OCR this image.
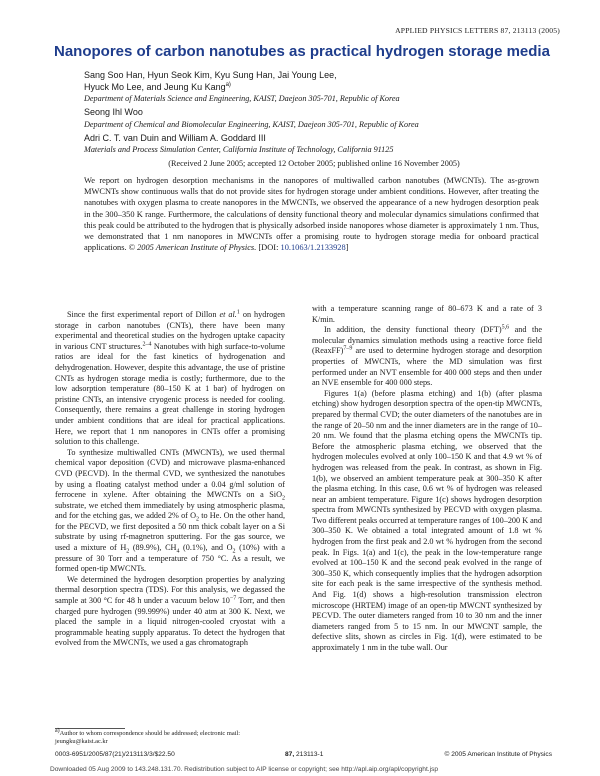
APPLIED PHYSICS LETTERS 87, 213113 (2005)
Nanopores of carbon nanotubes as practical hydrogen storage media

Sang Soo Han, Hyun Seok Kim, Kyu Sung Han, Jai Young Lee,

Hyuck Mo Lee, and Jeung Ku Kang$^{a)}$

Department of Materials Science and Engineering, KAIST, Daejeon 305-701, Republic of Korea

Seong Ihl Woo

Department of Chemical and Biomolecular Engineering, KAIST, Daejeon 305-701, Republic of Korea

Adri C. T. van Duin and William A. Goddard III

Materials and Process Simulation Center, California Institute of Technology, California 91125

(Received 2 June 2005; accepted 12 October 2005; published online 16 November 2005)

We report on hydrogen desorption mechanisms in the nanopores of multiwalled carbon nanotubes (MWCNTs). The as-grown MWCNTs show continuous walls that do not provide sites for hydrogen storage under ambient conditions. However, after treating the nanotubes with oxygen plasma to create nanopores in the MWCNTs, we observed the appearance of a new hydrogen desorption peak in the 300–350 K range. Furthermore, the calculations of density functional theory and molecular dynamics simulations confirmed that this peak could be attributed to the hydrogen that is physically adsorbed inside nanopores whose diameter is approximately 1 nm. Thus, we demonstrated that 1 nm nanopores in MWCNTs offer a promising route to hydrogen storage media for onboard practical applications. © 2005 American Institute of Physics. [DOI: 10.1063/1.2133928]

Since the first experimental report of Dillon et al.$^1$ on hydrogen storage in carbon nanotubes (CNTs), there have been many experimental and theoretical studies on the hydrogen uptake capacity in various CNT structures.$^{2-4}$ Nanotubes with high surface-to-volume ratios are ideal for the fast kinetics of hydrogenation and dehydrogenation. However, despite this advantage, the use of pristine CNTs as hydrogen storage media is costly; furthermore, due to the low adsorption temperature (80–150 K at 1 bar) of hydrogen on pristine CNTs, an intensive cryogenic process is needed for cooling. Consequently, there remains a great challenge in storing hydrogen under ambient conditions that are ideal for practical applications. Here, we report that 1 nm nanopores in CNTs offer a promising solution to this challenge.

To synthesize multiwalled CNTs (MWCNTs), we used thermal chemical vapor deposition (CVD) and microwave plasma-enhanced CVD (PECVD). In the thermal CVD, we synthesized the nanotubes by using a floating catalyst method under a 0.04 g/ml solution of ferrocene in xylene. After obtaining the MWCNTs on a SiO$_2$ substrate, we etched them immediately by using atmospheric plasma, and for the etching gas, we added 2% of $O_2$ to He. On the other hand, for the PECVD, we first deposited a 50 nm thick cobalt layer on a Si substrate by using rf-magnetron sputtering. For the gas source, we used a mixture of $H_2$ (89.9%), $CH_4$ (0.1%), and $O_2$ (10%) with a pressure of 30 Torr and a temperature of 750 °C. As a result, we formed open-tip MWCNTs.

We determined the hydrogen desorption properties by analyzing thermal desorption spectra (TDS). For this analysis, we degassed the sample at 300 °C for 48 h under a vacuum below $10^{-7}$ Torr, and then charged pure hydrogen (99.999%) under 40 atm at 300 K. Next, we placed the sample in a liquid nitrogen-cooled cryostat with a programmable heating supply apparatus. To detect the hydrogen that evolved from the MWCNTs, we used a gas chromatograph

with a temperature scanning range of 80–673 K and a rate of 3 K/min.

In addition, the density functional theory (DFT)$^{5,6}$ and the molecular dynamics simulation methods using a reactive force field (ReaxFF)$^{7-9}$ are used to determine hydrogen storage and desorption properties of MWCNTs, where the MD simulation was first performed under an NVT ensemble for 400 000 steps and then under an NVE ensemble for 400 000 steps.

Figures 1(a) (before plasma etching) and 1(b) (after plasma etching) show hydrogen desorption spectra of the open-tip MWCNTs, prepared by thermal CVD; the outer diameters of the nanotubes are in the range of 20–50 nm and the inner diameters are in the range of 10–20 nm. We found that the plasma etching opens the MWCNTs tip. Before the atmospheric plasma etching, we observed that the hydrogen molecules evolved at only 100–150 K and that 4.9 wt % of hydrogen was released from the peak. In contrast, as shown in Fig. 1(b), we observed an ambient temperature peak at 300–350 K after the plasma etching. In this case, 0.6 wt % of hydrogen was released near an ambient temperature. Figure 1(c) shows hydrogen desorption spectra from MWCNTs synthesized by PECVD with oxygen plasma. Two different peaks occurred at temperature ranges of 100–200 K and 300–350 K. We obtained a total integrated amount of 1.8 wt % hydrogen from the first peak and 2.0 wt % hydrogen from the second peak. In Figs. 1(a) and 1(c), the peak in the low-temperature range evolved at 100–150 K and the second peak evolved in the range of 300–350 K, which consequently implies that the hydrogen adsorption site for each peak is the same irrespective of the synthesis method. And Fig. 1(d) shows a high-resolution transmission electron microscope (HRTEM) image of an open-tip MWCNT synthesized by PECVD. The outer diameters ranged from 10 to 30 nm and the inner diameters ranged from 5 to 15 nm. In our MWCNT sample, the defective slits, shown as circles in Fig. 1(d), were estimated to be approximately 1 nm in the tube wall. Our

$^{a)}$Author to whom correspondence should be addressed; electronic mail: jeungku@kaist.ac.kr
0003-6951/2005/87(21)/213113/3/$22.50	87, 213113-1	© 2005 American Institute of Physics
Downloaded 05 Aug 2009 to 143.248.131.70. Redistribution subject to AIP license or copyright; see http://apl.aip.org/apl/copyright.jsp
